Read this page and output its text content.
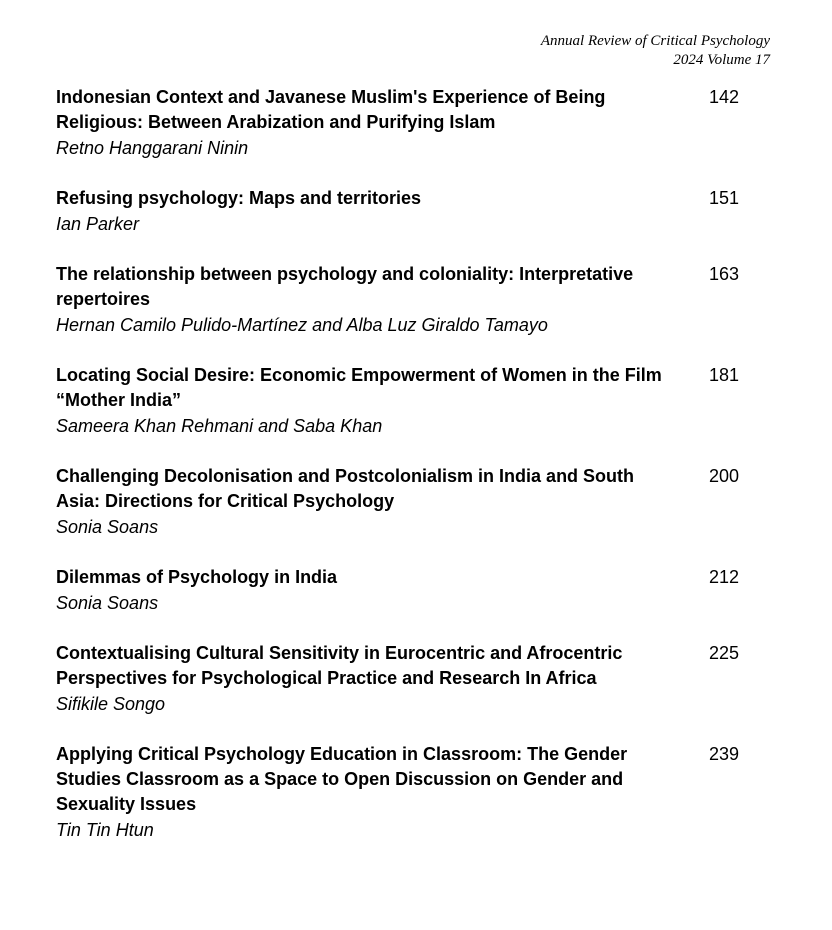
Annual Review of Critical Psychology
2024 Volume 17
Indonesian Context and Javanese Muslim's Experience of Being Religious: Between Arabization and Purifying Islam
Retno Hanggarani Ninin
142
Refusing psychology: Maps and territories
Ian Parker
151
The relationship between psychology and coloniality: Interpretative repertoires
Hernan Camilo Pulido-Martínez and Alba Luz Giraldo Tamayo
163
Locating Social Desire: Economic Empowerment of Women in the Film “Mother India”
Sameera Khan Rehmani and Saba Khan
181
Challenging Decolonisation and Postcolonialism in India and South Asia: Directions for Critical Psychology
Sonia Soans
200
Dilemmas of Psychology in India
Sonia Soans
212
Contextualising Cultural Sensitivity in Eurocentric and Afrocentric Perspectives for Psychological Practice and Research In Africa
Sifikile Songo
225
Applying Critical Psychology Education in Classroom: The Gender Studies Classroom as a Space to Open Discussion on Gender and Sexuality Issues
Tin Tin Htun
239
